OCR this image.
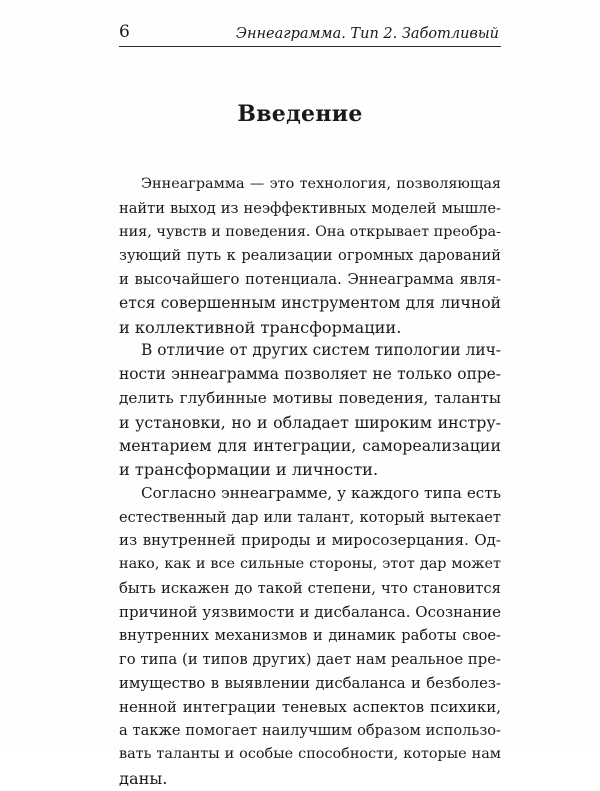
6	Эннеаграмма. Тип 2. Заботливый
Введение
Эннеаграмма — это технология, позволяющая
найти выход из неэффективных моделей мышле-
ния, чувств и поведения. Она открывает преобра-
зующий путь к реализации огромных дарований
и высочайшего потенциала. Эннеаграмма явля-
ется совершенным инструментом для личной
и коллективной трансформации.
В отличие от других систем типологии лич-
ности эннеаграмма позволяет не только опре-
делить глубинные мотивы поведения, таланты
и установки, но и обладает широким инстру-
ментарием для интеграции, самореализации
и трансформации и личности.
Согласно эннеаграмме, у каждого типа есть
естественный дар или талант, который вытекает
из внутренней природы и миросозерцания. Од-
нако, как и все сильные стороны, этот дар может
быть искажен до такой степени, что становится
причиной уязвимости и дисбаланса. Осознание
внутренних механизмов и динамик работы свое-
го типа (и типов других) дает нам реальное пре-
имущество в выявлении дисбаланса и безболез-
ненной интеграции теневых аспектов психики,
а также помогает наилучшим образом использо-
вать таланты и особые способности, которые нам
даны.
